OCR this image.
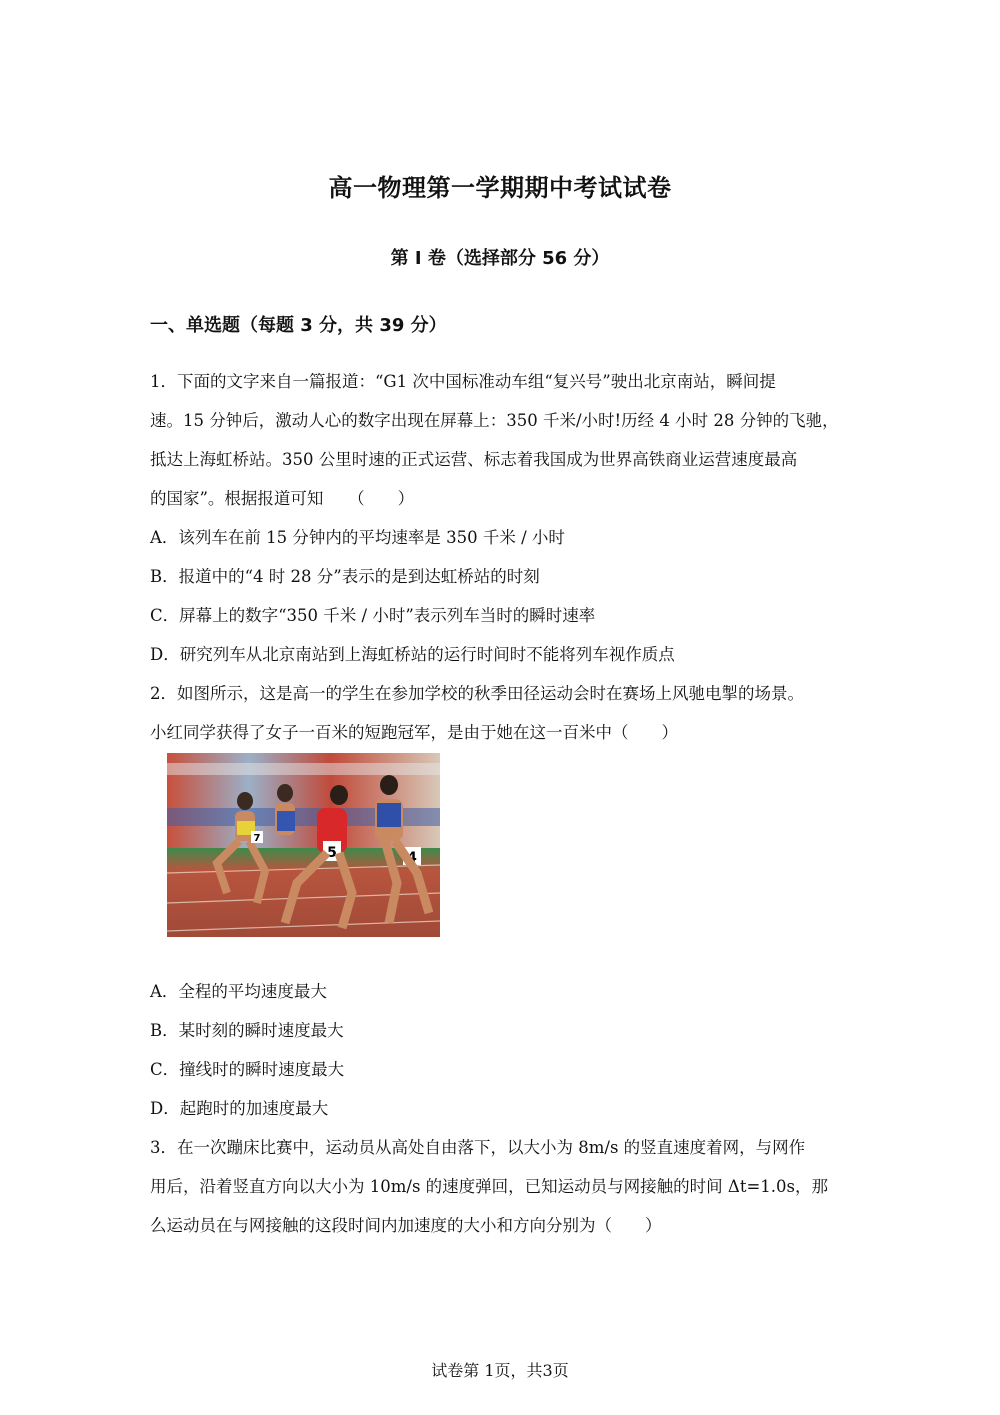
高一物理第一学期期中考试试卷
第 I 卷（选择部分 56 分）
一、单选题（每题 3 分，共 39 分）
1．下面的文字来自一篇报道：“G1 次中国标准动车组“复兴号”驶出北京南站，瞬间提
速。15 分钟后，激动人心的数字出现在屏幕上：350 千米/小时!历经 4 小时 28 分钟的飞驰，
抵达上海虹桥站。350 公里时速的正式运营、标志着我国成为世界高铁商业运营速度最高
的国家”。根据报道可知　　（　　）
A．该列车在前 15 分钟内的平均速率是 350 千米 / 小时
B．报道中的“4 时 28 分”表示的是到达虹桥站的时刻
C．屏幕上的数字“350 千米 / 小时”表示列车当时的瞬时速率
D．研究列车从北京南站到上海虹桥站的运行时间时不能将列车视作质点
2．如图所示，这是高一的学生在参加学校的秋季田径运动会时在赛场上风驰电掣的场景。
小红同学获得了女子一百米的短跑冠军，是由于她在这一百米中（　　）
5	4
7
A．全程的平均速度最大
B．某时刻的瞬时速度最大
C．撞线时的瞬时速度最大
D．起跑时的加速度最大
3．在一次蹦床比赛中，运动员从高处自由落下，以大小为 8m/s 的竖直速度着网，与网作
用后，沿着竖直方向以大小为 10m/s 的速度弹回，已知运动员与网接触的时间 Δt=1.0s，那
么运动员在与网接触的这段时间内加速度的大小和方向分别为（　　）
试卷第 1页，共3页
